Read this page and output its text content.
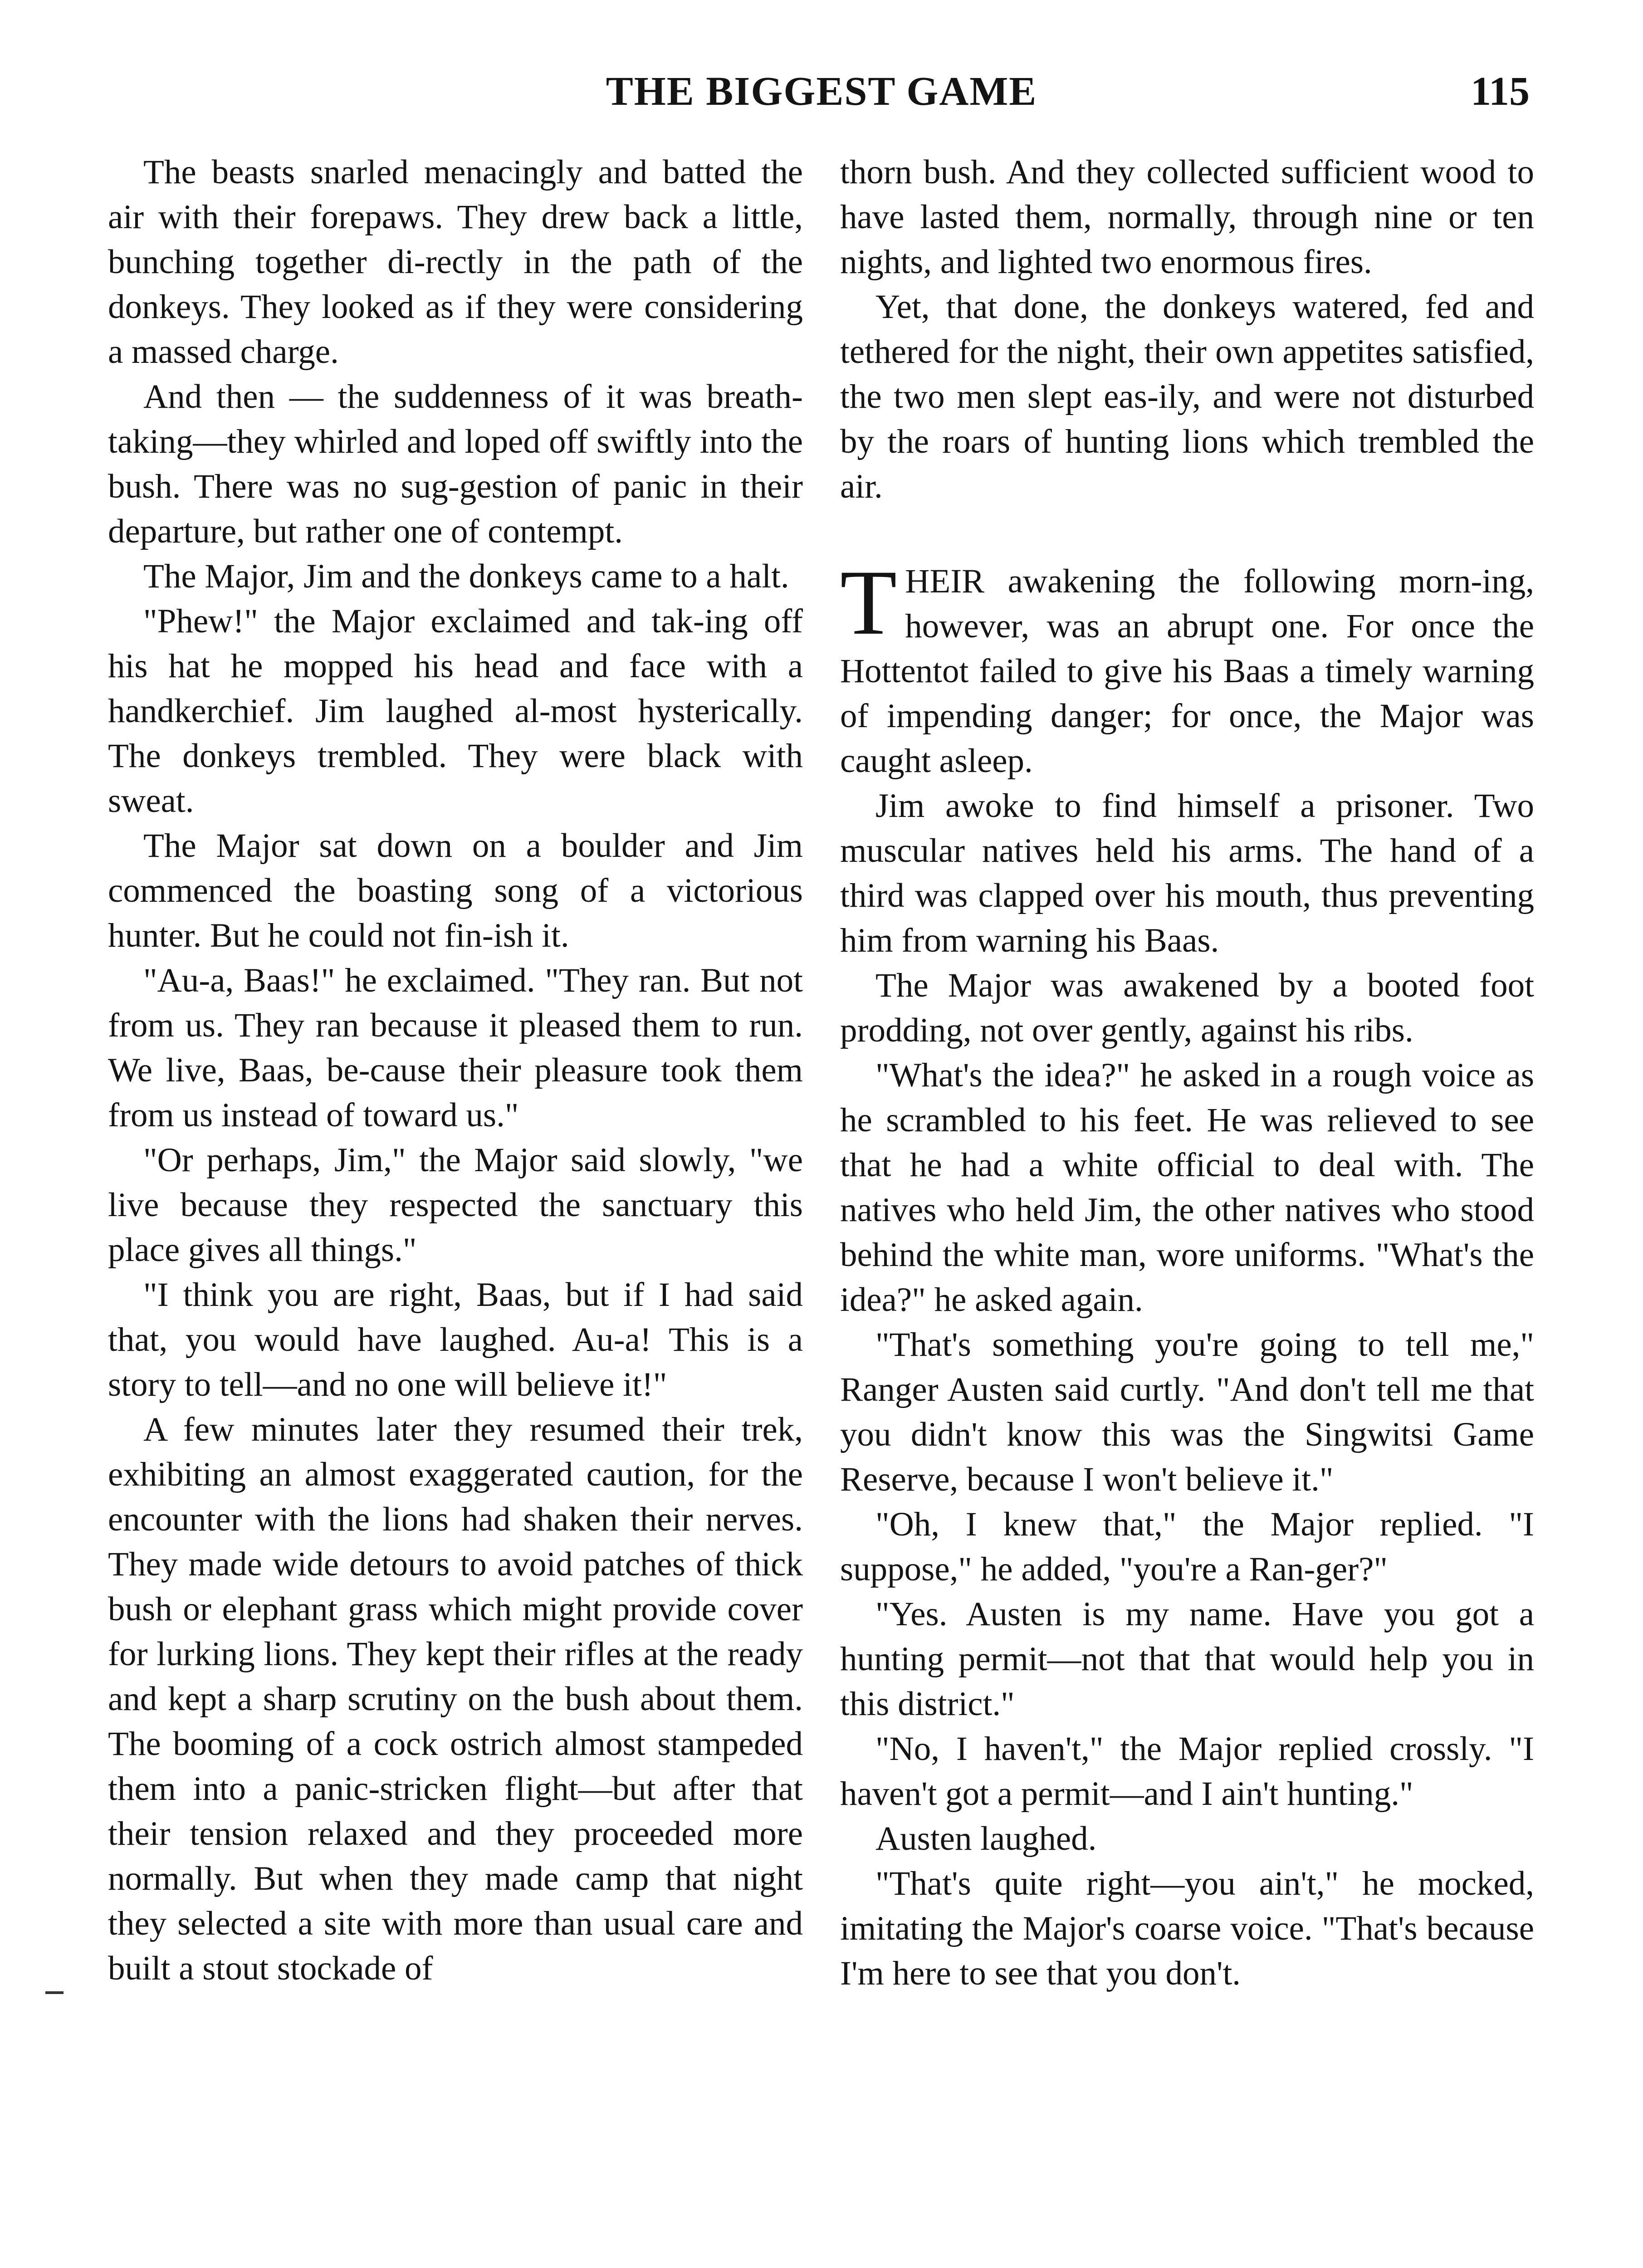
THE BIGGEST GAME	115

The beasts snarled menacingly and batted the air with their forepaws. They drew back a little, bunching together di-rectly in the path of the donkeys. They looked as if they were considering a massed charge.

And then — the suddenness of it was breath-taking—they whirled and loped off swiftly into the bush. There was no sug-gestion of panic in their departure, but rather one of contempt.

The Major, Jim and the donkeys came to a halt.

"Phew!" the Major exclaimed and tak-ing off his hat he mopped his head and face with a handkerchief. Jim laughed al-most hysterically. The donkeys trembled. They were black with sweat.

The Major sat down on a boulder and Jim commenced the boasting song of a victorious hunter. But he could not fin-ish it.

"Au-a, Baas!" he exclaimed. "They ran. But not from us. They ran because it pleased them to run. We live, Baas, be-cause their pleasure took them from us instead of toward us."

"Or perhaps, Jim," the Major said slowly, "we live because they respected the sanctuary this place gives all things."

"I think you are right, Baas, but if I had said that, you would have laughed. Au-a! This is a story to tell—and no one will believe it!"

A few minutes later they resumed their trek, exhibiting an almost exaggerated caution, for the encounter with the lions had shaken their nerves. They made wide detours to avoid patches of thick bush or elephant grass which might provide cover for lurking lions. They kept their rifles at the ready and kept a sharp scrutiny on the bush about them. The booming of a cock ostrich almost stampeded them into a panic-stricken flight—but after that their tension relaxed and they proceeded more normally. But when they made camp that night they selected a site with more than usual care and built a stout stockade of

thorn bush. And they collected sufficient wood to have lasted them, normally, through nine or ten nights, and lighted two enormous fires.

Yet, that done, the donkeys watered, fed and tethered for the night, their own appetites satisfied, the two men slept eas-ily, and were not disturbed by the roars of hunting lions which trembled the air.

THEIR awakening the following morn-ing, however, was an abrupt one. For once the Hottentot failed to give his Baas a timely warning of impending danger; for once, the Major was caught asleep.

Jim awoke to find himself a prisoner. Two muscular natives held his arms. The hand of a third was clapped over his mouth, thus preventing him from warning his Baas.

The Major was awakened by a booted foot prodding, not over gently, against his ribs.

"What's the idea?" he asked in a rough voice as he scrambled to his feet. He was relieved to see that he had a white official to deal with. The natives who held Jim, the other natives who stood behind the white man, wore uniforms. "What's the idea?" he asked again.

"That's something you're going to tell me," Ranger Austen said curtly. "And don't tell me that you didn't know this was the Singwitsi Game Reserve, because I won't believe it."

"Oh, I knew that," the Major replied. "I suppose," he added, "you're a Ran-ger?"

"Yes. Austen is my name. Have you got a hunting permit—not that that would help you in this district."

"No, I haven't," the Major replied crossly. "I haven't got a permit—and I ain't hunting."

Austen laughed.

"That's quite right—you ain't," he mocked, imitating the Major's coarse voice. "That's because I'm here to see that you don't.
